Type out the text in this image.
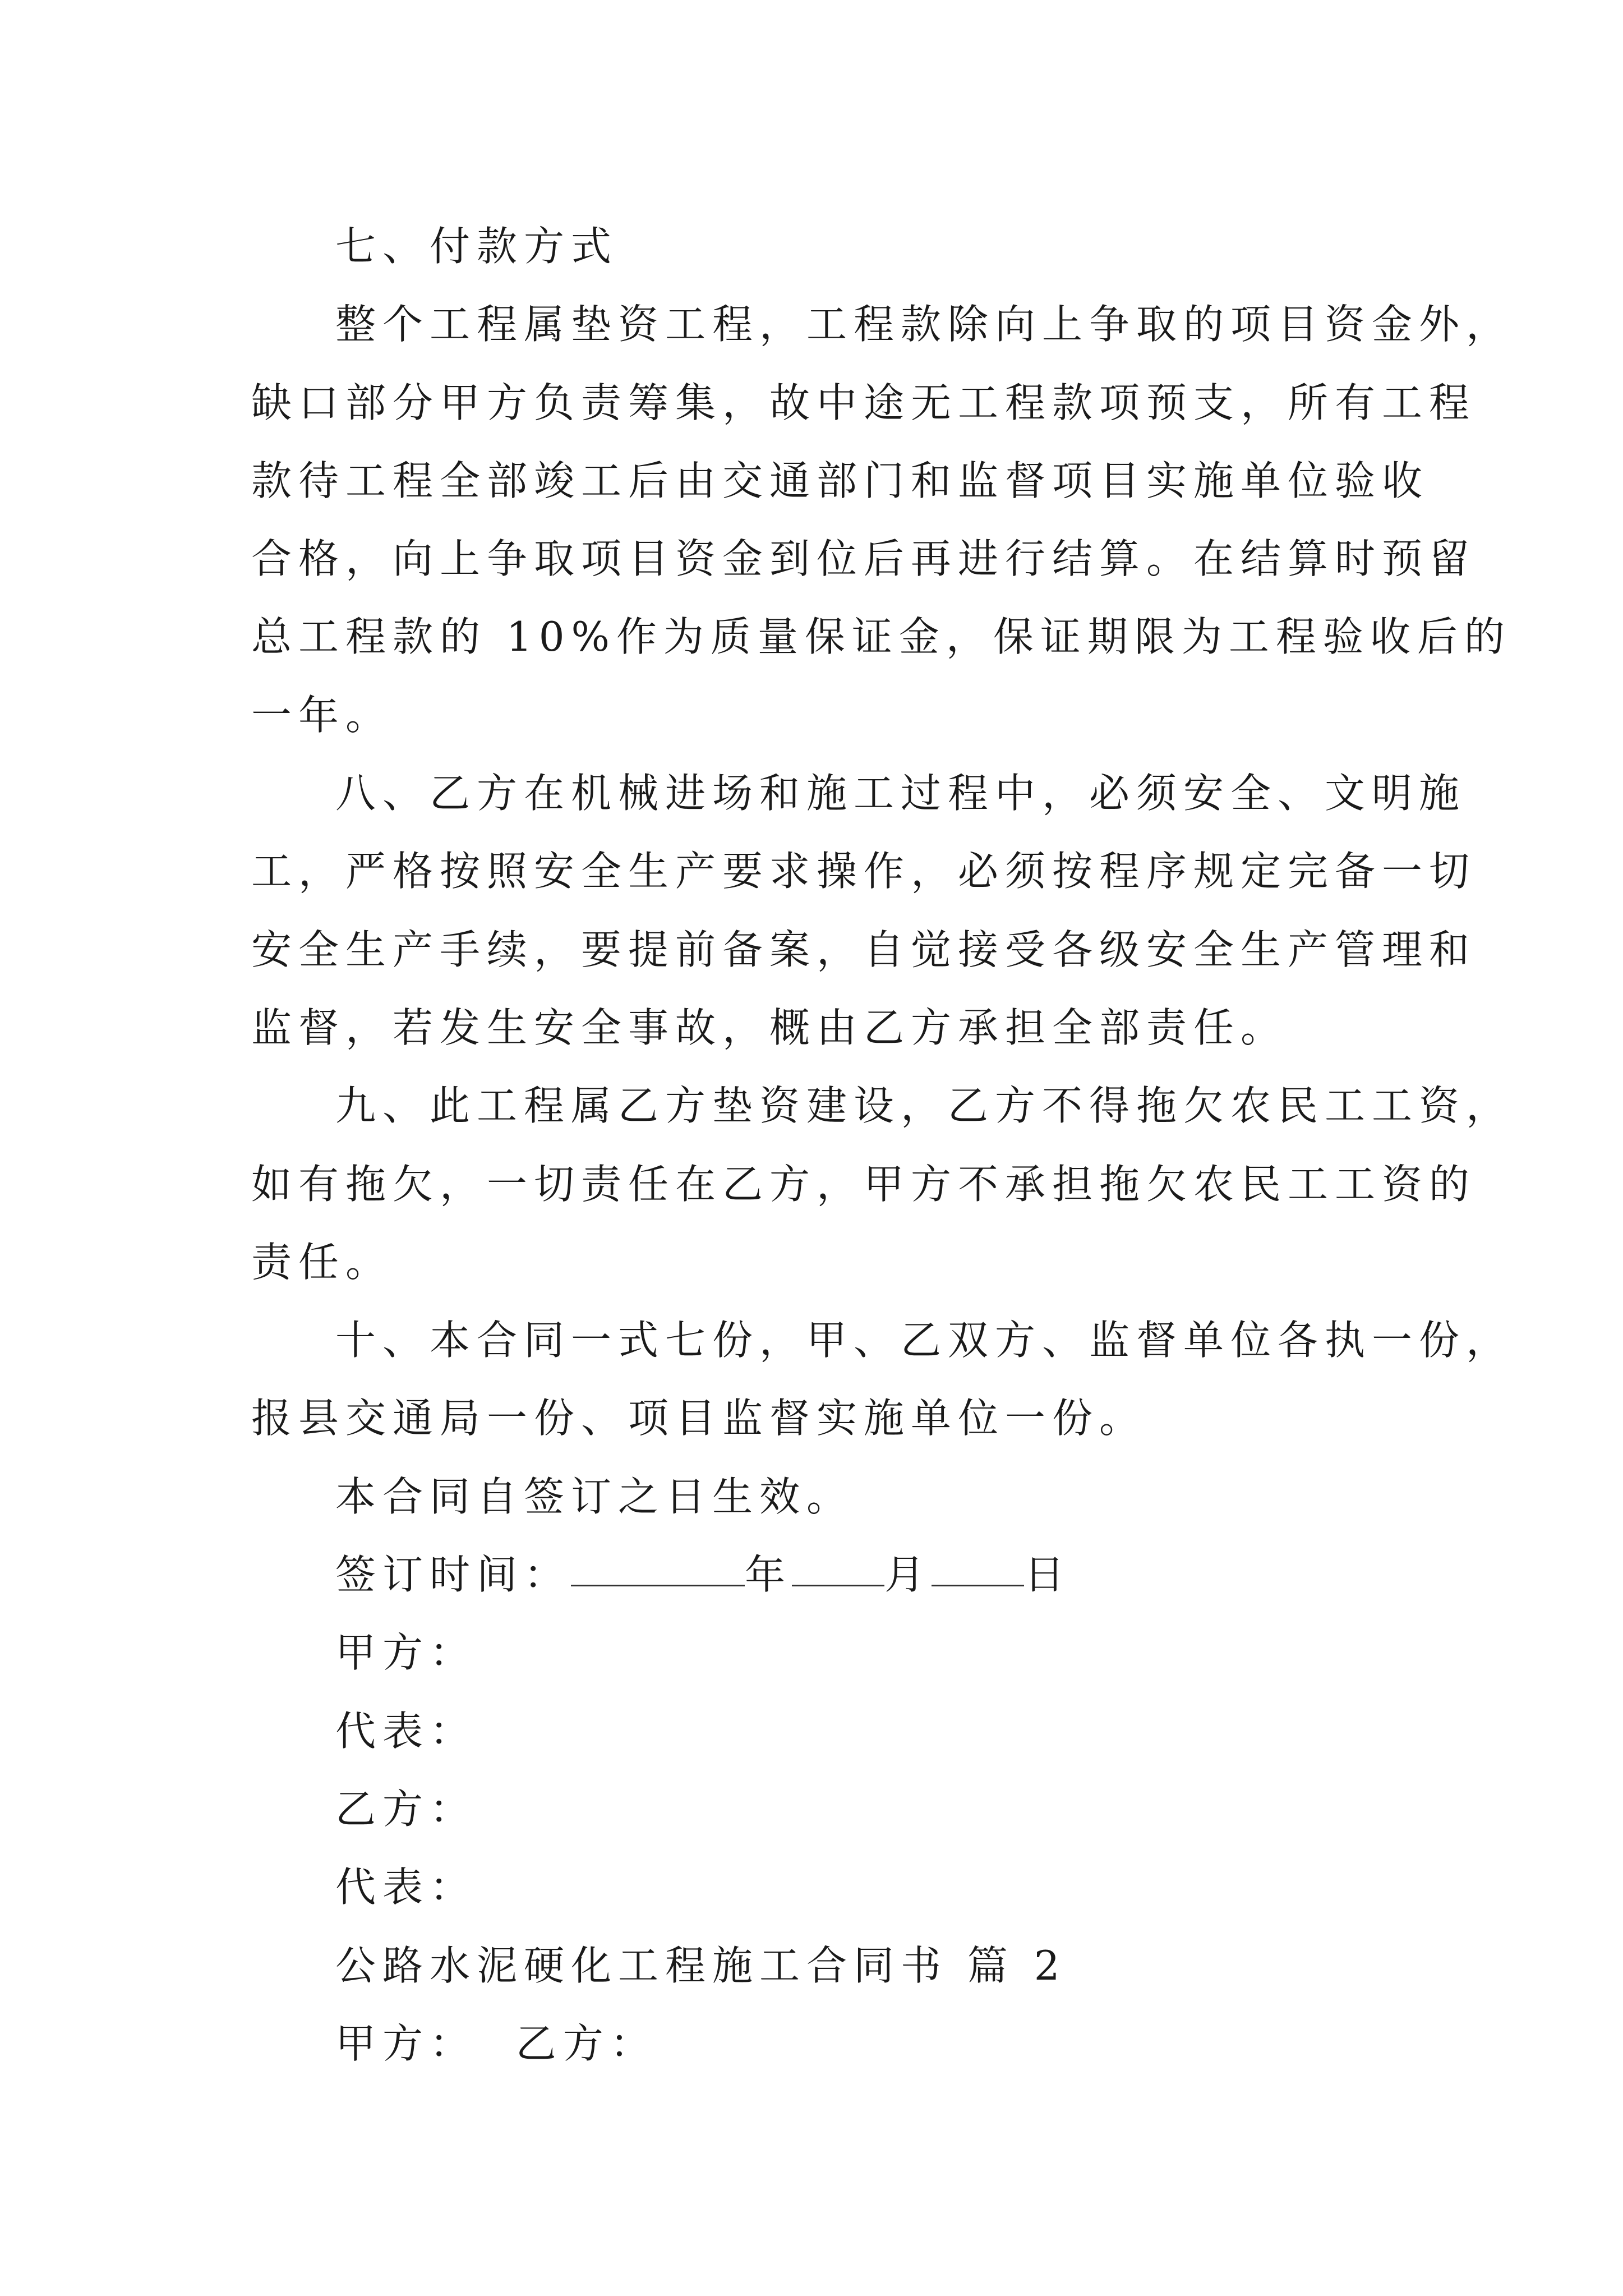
七、付款方式
整个工程属垫资工程，工程款除向上争取的项目资金外，
缺口部分甲方负责筹集，故中途无工程款项预支，所有工程
款待工程全部竣工后由交通部门和监督项目实施单位验收
合格，向上争取项目资金到位后再进行结算。在结算时预留
总工程款的 10%作为质量保证金，保证期限为工程验收后的
一年。
八、乙方在机械进场和施工过程中，必须安全、文明施
工，严格按照安全生产要求操作，必须按程序规定完备一切
安全生产手续，要提前备案，自觉接受各级安全生产管理和
监督，若发生安全事故，概由乙方承担全部责任。
九、此工程属乙方垫资建设，乙方不得拖欠农民工工资，
如有拖欠，一切责任在乙方，甲方不承担拖欠农民工工资的
责任。
十、本合同一式七份，甲、乙双方、监督单位各执一份，
报县交通局一份、项目监督实施单位一份。
本合同自签订之日生效。
签订时间：	年 月 日
甲方：
代表：
乙方：
代表：
公路水泥硬化工程施工合同书 篇 2
甲方：  乙方：
